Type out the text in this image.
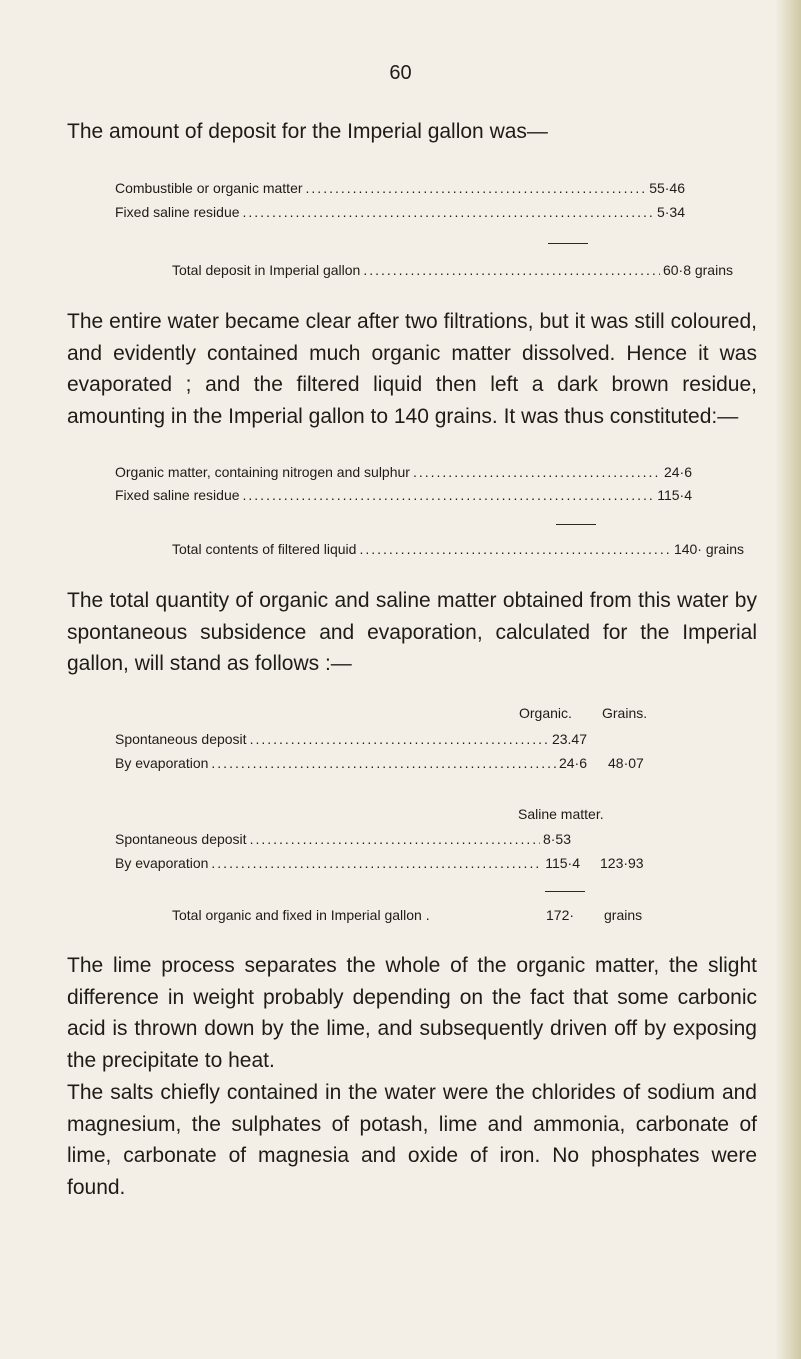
60

The amount of deposit for the Imperial gallon was—

Combustible or organic matter .....	55·46
Fixed saline residue .....	5·34
Total deposit in Imperial gallon .....	60·8 grains

The entire water became clear after two filtrations, but it was still coloured, and evidently contained much organic matter dissolved. Hence it was evaporated ; and the filtered liquid then left a dark brown residue, amounting in the Imperial gallon to 140 grains. It was thus constituted:—

Organic matter, containing nitrogen and sulphur .....	24·6
Fixed saline residue .....	115·4
Total contents of filtered liquid .....	140· grains

The total quantity of organic and saline matter obtained from this water by spontaneous subsidence and evaporation, calculated for the Imperial gallon, will stand as follows :—

Organic. Grains.
Spontaneous deposit .....	23.47
By evaporation .....	24·6 48·07
Saline matter.
Spontaneous deposit .....	8·53
By evaporation .....	115·4 123·93
Total organic and fixed in Imperial gallon .	172· grains

The lime process separates the whole of the organic matter, the slight difference in weight probably depending on the fact that some carbonic acid is thrown down by the lime, and subsequently driven off by exposing the precipitate to heat.

The salts chiefly contained in the water were the chlorides of sodium and magnesium, the sulphates of potash, lime and ammonia, carbonate of lime, carbonate of magnesia and oxide of iron. No phosphates were found.
